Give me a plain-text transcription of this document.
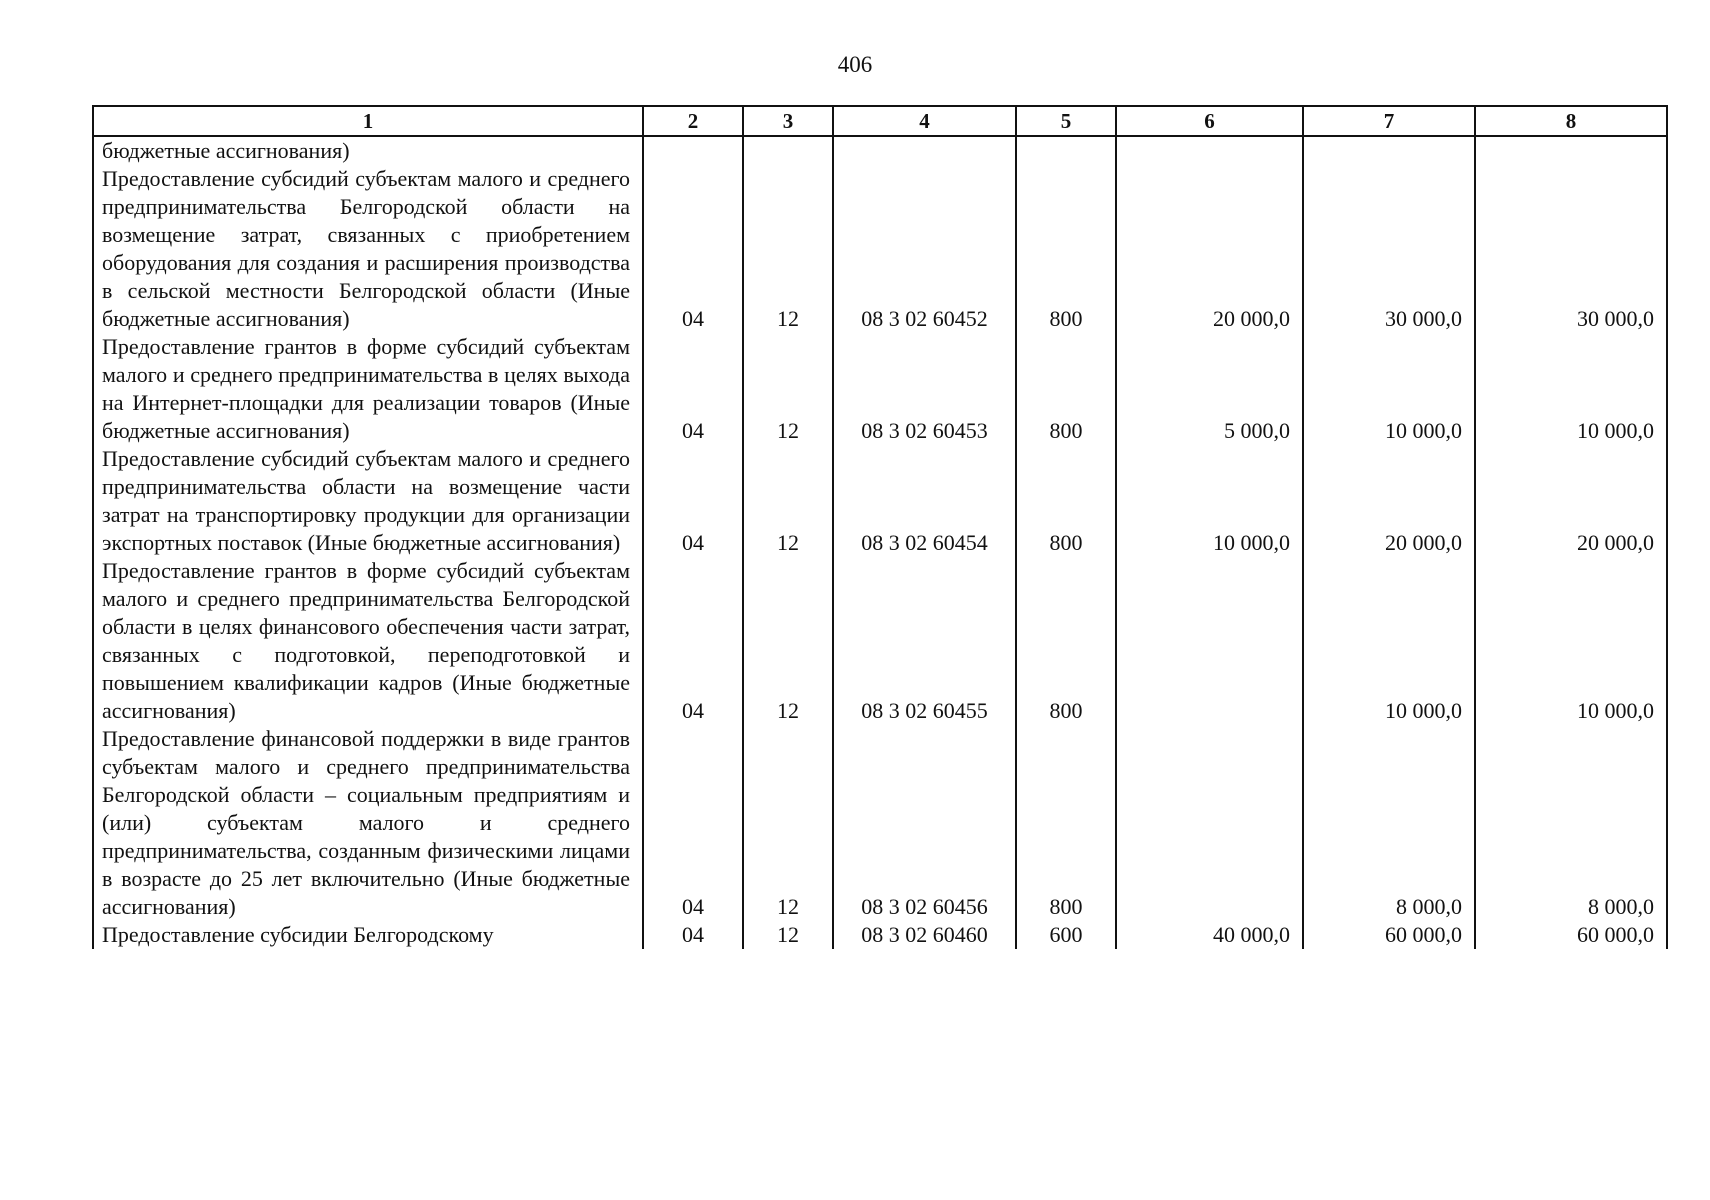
406
1	2	3	4	5	6	7	8
бюджетные ассигнования)							
Предоставление субсидий субъектам малого и среднего предпринимательства Белгородской области на возмещение затрат, связанных с приобретением оборудования для создания и расширения производства в сельской местности Белгородской области (Иные бюджетные ассигнования)	04	12	08 3 02 60452	800	20 000,0	30 000,0	30 000,0
Предоставление грантов в форме субсидий субъектам малого и среднего предпринимательства в целях выхода на Интернет-площадки для реализации товаров (Иные бюджетные ассигнования)	04	12	08 3 02 60453	800	5 000,0	10 000,0	10 000,0
Предоставление субсидий субъектам малого и среднего предпринимательства области на возмещение части затрат на транспортировку продукции для организации экспортных поставок (Иные бюджетные ассигнования)	04	12	08 3 02 60454	800	10 000,0	20 000,0	20 000,0
Предоставление грантов в форме субсидий субъектам малого и среднего предпринимательства Белгородской области в целях финансового обеспечения части затрат, связанных с подготовкой, переподготовкой и повышением квалификации кадров (Иные бюджетные ассигнования)	04	12	08 3 02 60455	800		10 000,0	10 000,0
Предоставление финансовой поддержки в виде грантов субъектам малого и среднего предпринимательства Белгородской области – социальным предприятиям и (или) субъектам малого и среднего предпринимательства, созданным физическими лицами в возрасте до 25 лет включительно (Иные бюджетные ассигнования)	04	12	08 3 02 60456	800		8 000,0	8 000,0
Предоставление субсидии Белгородскому	04	12	08 3 02 60460	600	40 000,0	60 000,0	60 000,0
